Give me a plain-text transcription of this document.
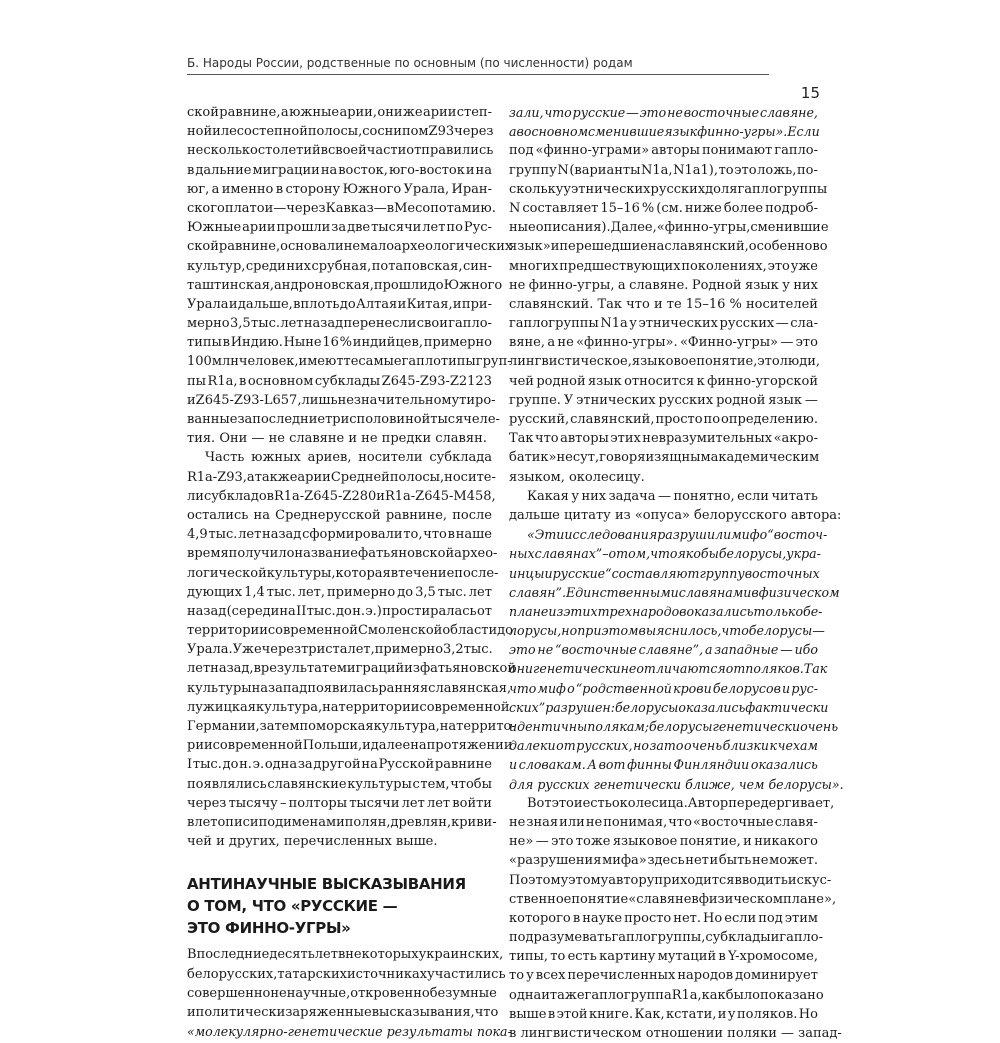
Б. Народы России, родственные по основным (по численности) родам
15
ской равнине, а южные арии, они же арии степ-
ной и лесостепной полосы, со снипом Z93 через
несколько столетий в своей части отправились
в дальние миграции на восток, юго-восток и на
юг, а именно в сторону Южного Урала, Иран-
ского плато и — через Кавказ — в Месопотамию.
Южные арии прошли за две тысячи лет по Рус-
ской равнине, основали немало археологических
культур, среди них срубная, потаповская, син-
таштинская, андроновская, прошли до Южного
Урала и дальше, вплоть до Алтая и Китая, и при-
мерно 3,5 тыс. лет назад перенесли свои гапло-
типы в Индию. Ныне 16 % индийцев, примерно
100 млн человек, имеют те самые гаплотипы груп-
пы R1a, в основном субклады Z645-Z93-Z2123
и Z645-Z93-L657, лишь незначительно мутиро-
ванные за последние три с половиной тысячеле-
тия. Они — не славяне и не предки славян.
Часть южных ариев, носители субклада
R1a-Z93, а также арии Средней полосы, носите-
ли субкладов R1a-Z645-Z280 и R1a-Z645-M458,
остались на Среднерусской равнине, после
4,9 тыс. лет назад сформировали то, что в наше
время получило название фатьяновской архео-
логической культуры, которая в течение после-
дующих 1,4 тыс. лет, примерно до 3,5 тыс. лет
назад (середина II тыс. до н. э.) простиралась от
территории современной Смоленской области до
Урала. Уже через триста лет, примерно 3,2 тыс.
лет назад, в результате миграций из фатьяновской
культуры на запад появилась ранняя славянская,
лужицкая культура, на территории современной
Германии, затем поморская культура, на террито-
рии современной Польши, и далее на протяжении
I тыс. до н. э. одна за другой на Русской равнине
появлялись славянские культуры с тем, чтобы
через тысячу – полторы тысячи лет лет войти
в летописи под именами полян, древлян, криви-
чей и других, перечисленных выше.
АНТИНАУЧНЫЕ ВЫСКАЗЫВАНИЯ
О ТОМ, ЧТО «РУССКИЕ —
ЭТО ФИННО-УГРЫ»
В последние десять лет в некоторых украинских,
белорусских, татарских источниках участились
совершенно ненаучные, откровенно безумные
и политически заряженные высказывания, что
«молекулярно-генетические результаты пока-
зали, что русские — это не восточные славяне,
а в основном сменившие язык финно-угры». Если
под «финно-уграми» авторы понимают гапло-
группу N (варианты N1a, N1a1), то это ложь, по-
скольку у этнических русских доля гаплогруппы
N составляет 15–16 % (см. ниже более подроб-
ные описания). Далее, «финно-угры, сменившие
язык» и перешедшие на славянский, особенно во
многих предшествующих поколениях, это уже
не финно-угры, а славяне. Родной язык у них
славянский. Так что и те 15–16 % носителей
гаплогруппы N1a у этнических русских — сла-
вяне, а не «финно-угры». «Финно-угры» — это
лингвистическое, языковое понятие, это люди,
чей родной язык относится к финно-угорской
группе. У этнических русских родной язык —
русский, славянский, просто по определению.
Так что авторы этих невразумительных «акро-
батик» несут, говоря изящным академическим
языком, околесицу.
Какая у них задача — понятно, если читать
дальше цитату из «опуса» белорусского автора:
«Эти исследования разрушили миф о “восточ-
ных славянах” – о том, что якобы белорусы, укра-
инцы и русские “составляют группу восточных
славян”. Единственными славянами в физическом
плане из этих трех народов оказались только бе-
лорусы, но при этом выяснилось, что белорусы —
это не “восточные славяне”, а западные — ибо
они генетически не отличаются от поляков. Так
что миф о “родственной крови белорусов и рус-
ских” разрушен: белорусы оказались фактически
идентичны полякам; белорусы генетически очень
далеки от русских, но зато очень близки к чехам
и словакам. А вот финны Финляндии оказались
для русских генетически ближе, чем белорусы».
Вот это и есть околесица. Автор передергивает,
не зная или не понимая, что «восточные славя-
не» — это тоже языковое понятие, и никакого
«разрушения мифа» здесь нет и быть не может.
Поэтому этому автору приходится вводить искус-
ственное понятие «славяне в физическом плане»,
которого в науке просто нет. Но если под этим
подразумевать гаплогруппы, субклады и гапло-
типы, то есть картину мутаций в Y-хромосоме,
то у всех перечисленных народов доминирует
одна и та же гаплогруппа R1a, как было показано
выше в этой книге. Как, кстати, и у поляков. Но
в лингвистическом отношении поляки — запад-
